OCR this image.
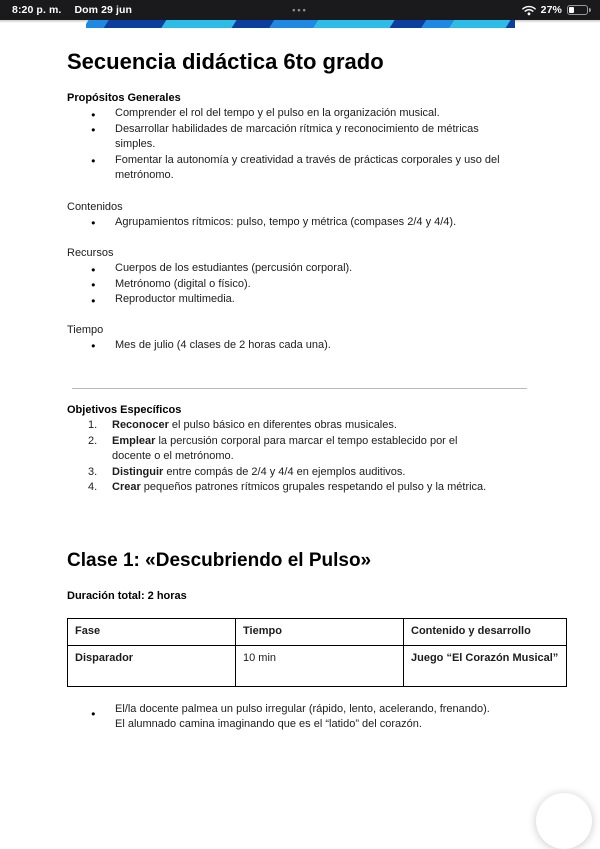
8:20 p. m. Dom 29 jun	•••	27%
Secuencia didáctica 6to grado

Propósitos Generales

● Comprender el rol del tempo y el pulso en la organización musical.
● Desarrollar habilidades de marcación rítmica y reconocimiento de métricas simples.
● Fomentar la autonomía y creatividad a través de prácticas corporales y uso del metrónomo.

Contenidos

● Agrupamientos rítmicos: pulso, tempo y métrica (compases 2/4 y 4/4).

Recursos

● Cuerpos de los estudiantes (percusión corporal).
● Metrónomo (digital o físico).
● Reproductor multimedia.

Tiempo

● Mes de julio (4 clases de 2 horas cada una).

Objetivos Específicos

1. Reconocer el pulso básico en diferentes obras musicales.
2. Emplear la percusión corporal para marcar el tempo establecido por el docente o el metrónomo.
3. Distinguir entre compás de 2/4 y 4/4 en ejemplos auditivos.
4. Crear pequeños patrones rítmicos grupales respetando el pulso y la métrica.
Clase 1: «Descubriendo el Pulso»

Duración total: 2 horas

Fase	Tiempo	Contenido y desarrollo
Disparador	10 min	Juego “El Corazón Musical”
●	El/la docente palmea un pulso irregular (rápido, lento, acelerando, frenando).
El alumnado camina imaginando que es el “latido” del corazón.
